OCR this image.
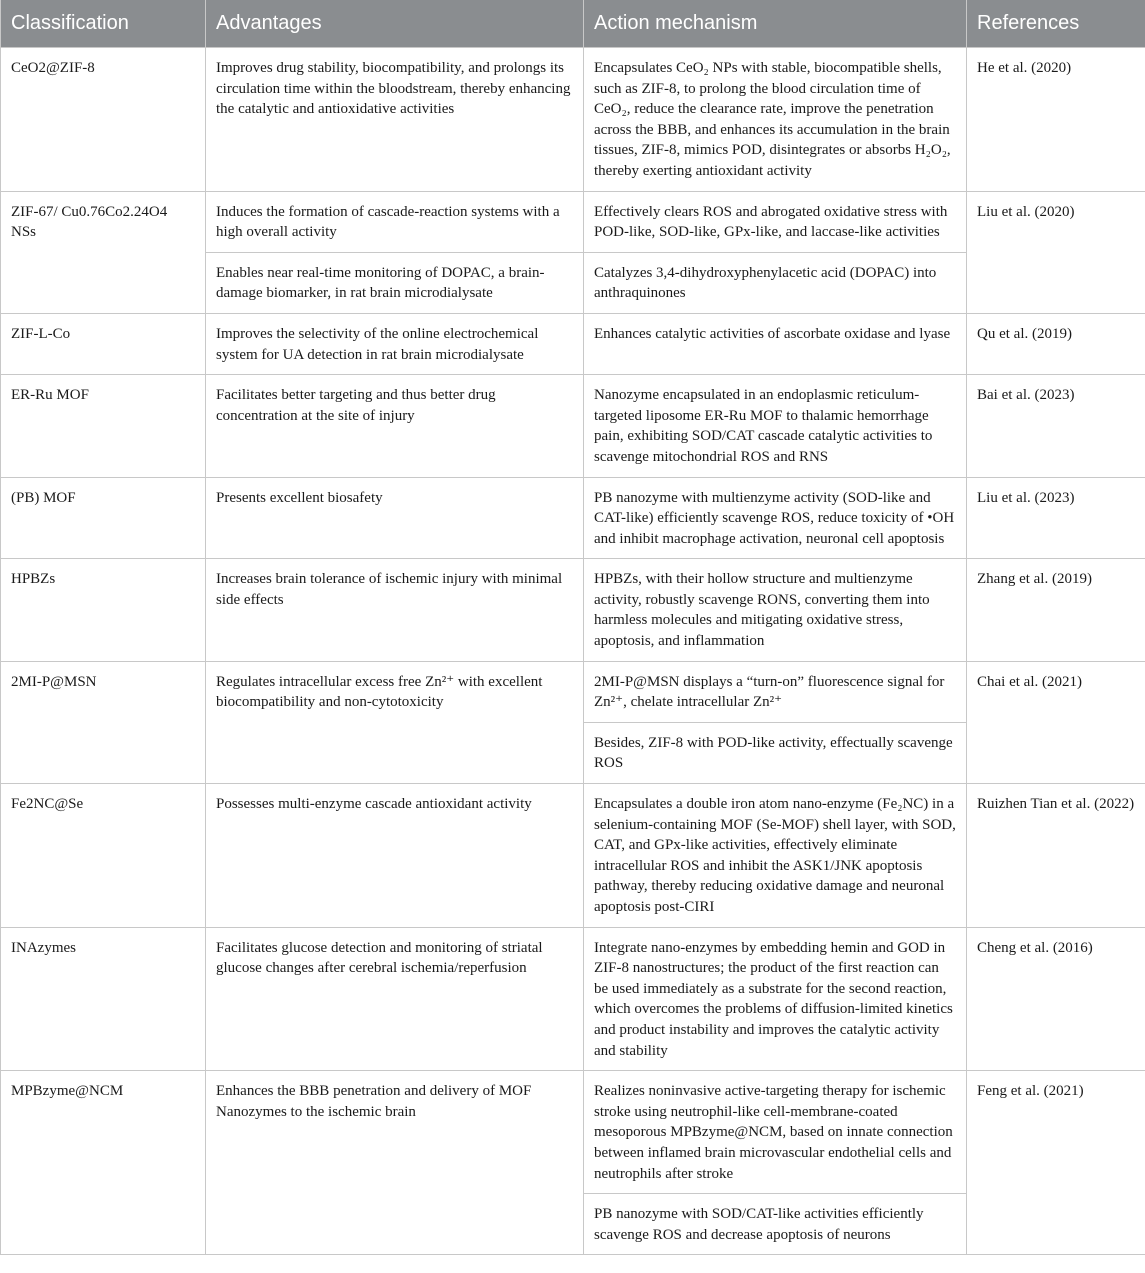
Classification	Advantages	Action mechanism	References
CeO2@ZIF-8	Improves drug stability, biocompatibility, and prolongs its circulation time within the bloodstream, thereby enhancing the catalytic and antioxidative activities	Encapsulates CeO₂ NPs with stable, biocompatible shells, such as ZIF-8, to prolong the blood circulation time of CeO₂, reduce the clearance rate, improve the penetration across the BBB, and enhances its accumulation in the brain tissues, ZIF-8, mimics POD, disintegrates or absorbs H₂O₂, thereby exerting antioxidant activity	He et al. (2020)
ZIF-67/ Cu0.76Co2.24O4 NSs	Induces the formation of cascade-reaction systems with a high overall activity	Effectively clears ROS and abrogated oxidative stress with POD-like, SOD-like, GPx-like, and laccase-like activities	Liu et al. (2020)
	Enables near real-time monitoring of DOPAC, a brain-damage biomarker, in rat brain microdialysate	Catalyzes 3,4-dihydroxyphenylacetic acid (DOPAC) into anthraquinones	
ZIF-L-Co	Improves the selectivity of the online electrochemical system for UA detection in rat brain microdialysate	Enhances catalytic activities of ascorbate oxidase and lyase	Qu et al. (2019)
ER-Ru MOF	Facilitates better targeting and thus better drug concentration at the site of injury	Nanozyme encapsulated in an endoplasmic reticulum-targeted liposome ER-Ru MOF to thalamic hemorrhage pain, exhibiting SOD/CAT cascade catalytic activities to scavenge mitochondrial ROS and RNS	Bai et al. (2023)
(PB) MOF	Presents excellent biosafety	PB nanozyme with multienzyme activity (SOD-like and CAT-like) efficiently scavenge ROS, reduce toxicity of •OH and inhibit macrophage activation, neuronal cell apoptosis	Liu et al. (2023)
HPBZs	Increases brain tolerance of ischemic injury with minimal side effects	HPBZs, with their hollow structure and multienzyme activity, robustly scavenge RONS, converting them into harmless molecules and mitigating oxidative stress, apoptosis, and inflammation	Zhang et al. (2019)
2MI-P@MSN	Regulates intracellular excess free Zn²⁺ with excellent biocompatibility and non-cytotoxicity	2MI-P@MSN displays a “turn-on” fluorescence signal for Zn²⁺, chelate intracellular Zn²⁺	Chai et al. (2021)
		Besides, ZIF-8 with POD-like activity, effectually scavenge ROS	
Fe2NC@Se	Possesses multi-enzyme cascade antioxidant activity	Encapsulates a double iron atom nano-enzyme (Fe₂NC) in a selenium-containing MOF (Se-MOF) shell layer, with SOD, CAT, and GPx-like activities, effectively eliminate intracellular ROS and inhibit the ASK1/JNK apoptosis pathway, thereby reducing oxidative damage and neuronal apoptosis post-CIRI	Ruizhen Tian et al. (2022)
INAzymes	Facilitates glucose detection and monitoring of striatal glucose changes after cerebral ischemia/reperfusion	Integrate nano-enzymes by embedding hemin and GOD in ZIF-8 nanostructures; the product of the first reaction can be used immediately as a substrate for the second reaction, which overcomes the problems of diffusion-limited kinetics and product instability and improves the catalytic activity and stability	Cheng et al. (2016)
MPBzyme@NCM	Enhances the BBB penetration and delivery of MOF Nanozymes to the ischemic brain	Realizes noninvasive active-targeting therapy for ischemic stroke using neutrophil-like cell-membrane-coated mesoporous MPBzyme@NCM, based on innate connection between inflamed brain microvascular endothelial cells and neutrophils after stroke	Feng et al. (2021)
		PB nanozyme with SOD/CAT-like activities efficiently scavenge ROS and decrease apoptosis of neurons	
